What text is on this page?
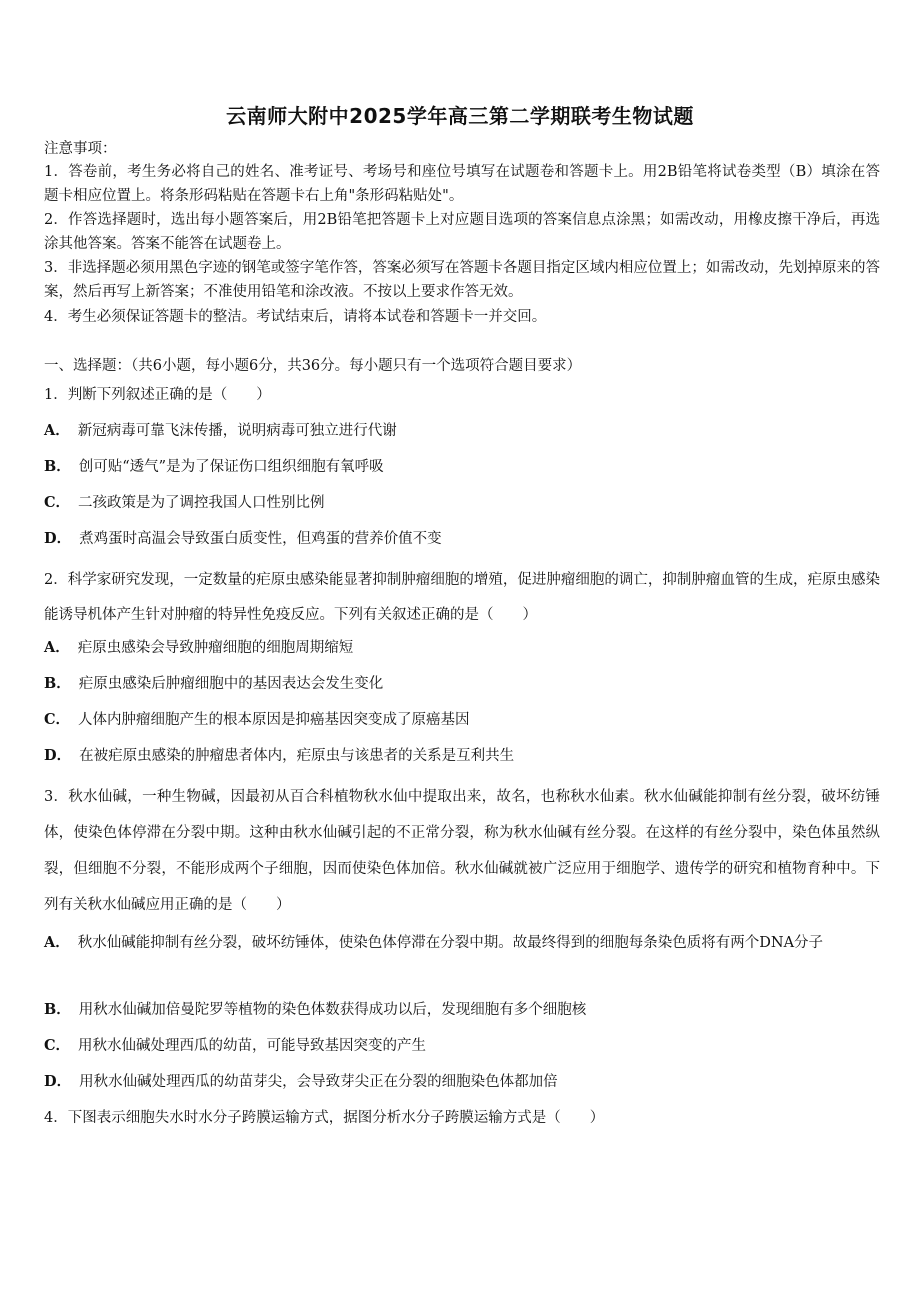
云南师大附中2025学年高三第二学期联考生物试题
注意事项：

1．答卷前，考生务必将自己的姓名、准考证号、考场号和座位号填写在试题卷和答题卡上。用2B铅笔将试卷类型（B）填涂在答题卡相应位置上。将条形码粘贴在答题卡右上角"条形码粘贴处"。

2．作答选择题时，选出每小题答案后，用2B铅笔把答题卡上对应题目选项的答案信息点涂黑；如需改动，用橡皮擦干净后，再选涂其他答案。答案不能答在试题卷上。

3．非选择题必须用黑色字迹的钢笔或签字笔作答，答案必须写在答题卡各题目指定区域内相应位置上；如需改动，先划掉原来的答案，然后再写上新答案；不准使用铅笔和涂改液。不按以上要求作答无效。

4．考生必须保证答题卡的整洁。考试结束后，请将本试卷和答题卡一并交回。
一、选择题：（共6小题，每小题6分，共36分。每小题只有一个选项符合题目要求）
1．判断下列叙述正确的是（　　）
A． 新冠病毒可靠飞沫传播，说明病毒可独立进行代谢
B． 创可贴“透气”是为了保证伤口组织细胞有氧呼吸
C． 二孩政策是为了调控我国人口性别比例
D． 煮鸡蛋时高温会导致蛋白质变性，但鸡蛋的营养价值不变

2．科学家研究发现，一定数量的疟原虫感染能显著抑制肿瘤细胞的增殖，促进肿瘤细胞的调亡，抑制肿瘤血管的生成，疟原虫感染能诱导机体产生针对肿瘤的特异性免疫反应。下列有关叙述正确的是（　　）

A． 疟原虫感染会导致肿瘤细胞的细胞周期缩短
B． 疟原虫感染后肿瘤细胞中的基因表达会发生变化
C． 人体内肿瘤细胞产生的根本原因是抑癌基因突变成了原癌基因
D． 在被疟原虫感染的肿瘤患者体内，疟原虫与该患者的关系是互利共生

3．秋水仙碱，一种生物碱，因最初从百合科植物秋水仙中提取出来，故名，也称秋水仙素。秋水仙碱能抑制有丝分裂，破坏纺锤体，使染色体停滞在分裂中期。这种由秋水仙碱引起的不正常分裂，称为秋水仙碱有丝分裂。在这样的有丝分裂中，染色体虽然纵裂，但细胞不分裂，不能形成两个子细胞，因而使染色体加倍。秋水仙碱就被广泛应用于细胞学、遗传学的研究和植物育种中。下列有关秋水仙碱应用正确的是（　　）

A． 秋水仙碱能抑制有丝分裂，破坏纺锤体，使染色体停滞在分裂中期。故最终得到的细胞每条染色质将有两个DNA分子

B． 用秋水仙碱加倍曼陀罗等植物的染色体数获得成功以后，发现细胞有多个细胞核
C． 用秋水仙碱处理西瓜的幼苗，可能导致基因突变的产生
D． 用秋水仙碱处理西瓜的幼苗芽尖，会导致芽尖正在分裂的细胞染色体都加倍
4．下图表示细胞失水时水分子跨膜运输方式，据图分析水分子跨膜运输方式是（　　）
